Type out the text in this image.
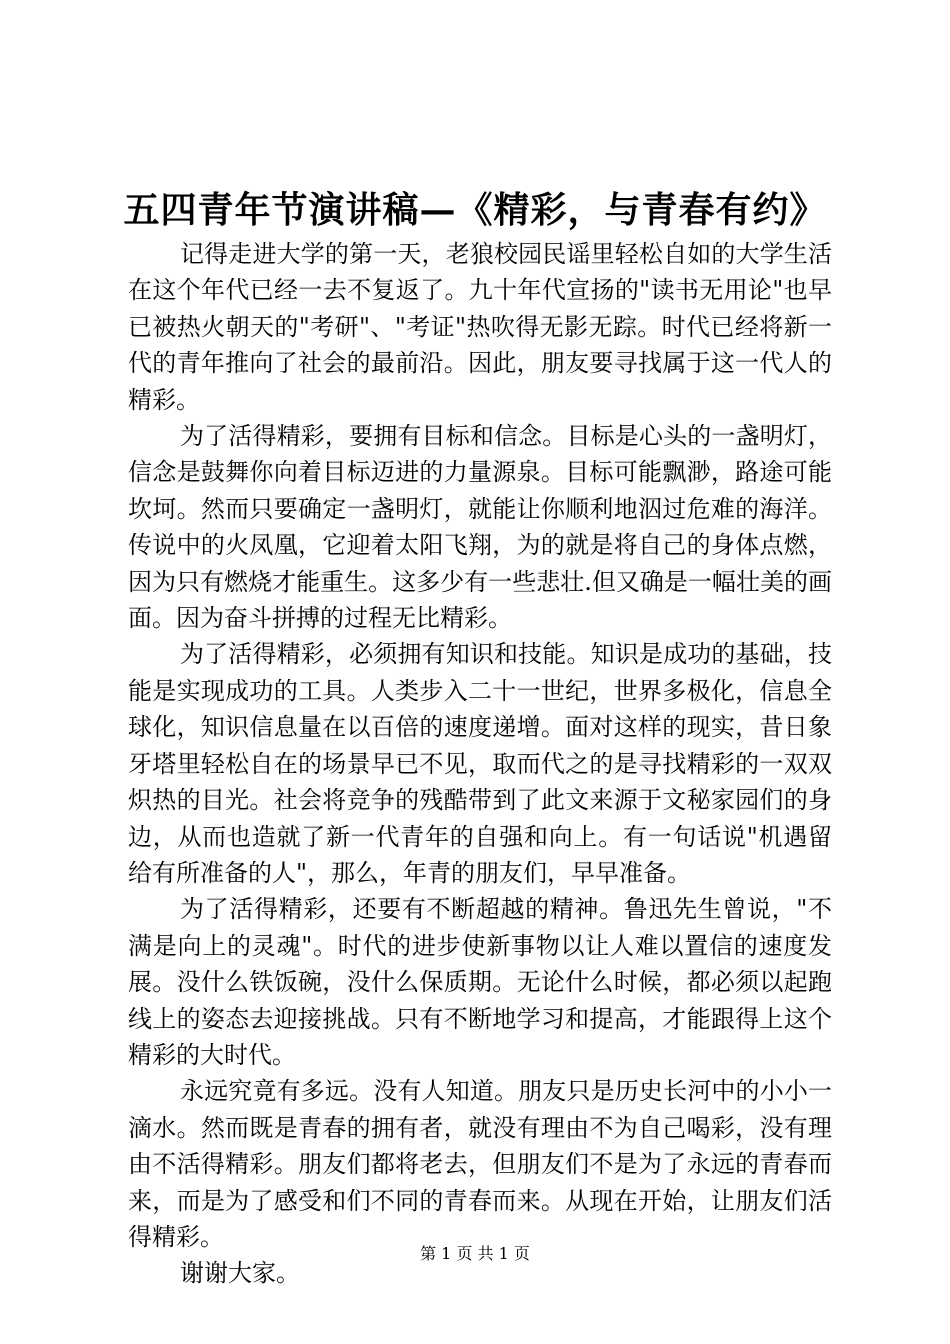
五四青年节演讲稿—《精彩，与青春有约》

记得走进大学的第一天，老狼校园民谣里轻松自如的大学生活在这个年代已经一去不复返了。九十年代宣扬的"读书无用论"也早已被热火朝天的"考研"、"考证"热吹得无影无踪。时代已经将新一代的青年推向了社会的最前沿。因此，朋友要寻找属于这一代人的精彩。

为了活得精彩，要拥有目标和信念。目标是心头的一盏明灯，信念是鼓舞你向着目标迈进的力量源泉。目标可能飘渺，路途可能坎坷。然而只要确定一盏明灯，就能让你顺利地泅过危难的海洋。传说中的火凤凰，它迎着太阳飞翔，为的就是将自己的身体点燃，因为只有燃烧才能重生。这多少有一些悲壮.但又确是一幅壮美的画面。因为奋斗拼搏的过程无比精彩。

为了活得精彩，必须拥有知识和技能。知识是成功的基础，技能是实现成功的工具。人类步入二十一世纪，世界多极化，信息全球化，知识信息量在以百倍的速度递增。面对这样的现实，昔日象牙塔里轻松自在的场景早已不见，取而代之的是寻找精彩的一双双炽热的目光。社会将竞争的残酷带到了此文来源于文秘家园们的身边，从而也造就了新一代青年的自强和向上。有一句话说"机遇留给有所准备的人"，那么，年青的朋友们，早早准备。

为了活得精彩，还要有不断超越的精神。鲁迅先生曾说，"不满是向上的灵魂"。时代的进步使新事物以让人难以置信的速度发展。没什么铁饭碗，没什么保质期。无论什么时候，都必须以起跑线上的姿态去迎接挑战。只有不断地学习和提高，才能跟得上这个精彩的大时代。

永远究竟有多远。没有人知道。朋友只是历史长河中的小小一滴水。然而既是青春的拥有者，就没有理由不为自己喝彩，没有理由不活得精彩。朋友们都将老去，但朋友们不是为了永远的青春而来，而是为了感受和们不同的青春而来。从现在开始，让朋友们活得精彩。

谢谢大家。

第 1 页 共 1 页
